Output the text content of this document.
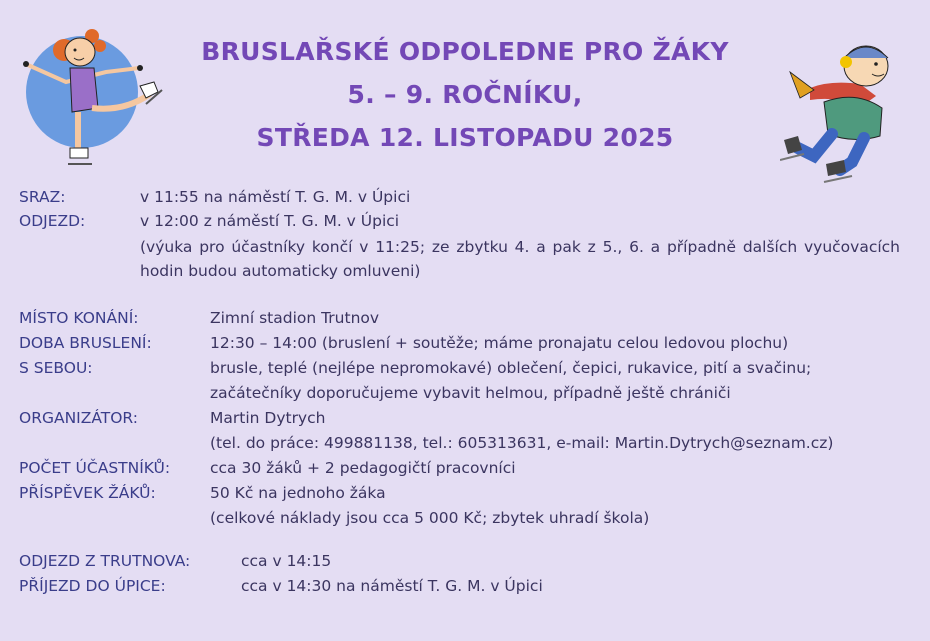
BRUSLAŘSKÉ ODPOLEDNE PRO ŽÁKY
5. – 9. ROČNÍKU,
STŘEDA 12. LISTOPADU 2025
SRAZ:	v 11:55 na náměstí T. G. M. v Úpici
ODJEZD:	v 12:00 z náměstí T. G. M. v Úpici
(výuka pro účastníky končí v 11:25; ze zbytku 4. a pak z 5., 6. a případně dalších vyučovacích hodin budou automaticky omluveni)
MÍSTO KONÁNÍ:	Zimní stadion Trutnov
DOBA BRUSLENÍ:	12:30 – 14:00 (bruslení + soutěže; máme pronajatu celou ledovou plochu)
S SEBOU:	brusle, teplé (nejlépe nepromokavé) oblečení, čepici, rukavice, pití a svačinu;
začátečníky doporučujeme vybavit helmou, případně ještě chrániči
ORGANIZÁTOR:	Martin Dytrych
(tel. do práce: 499881138, tel.: 605313631, e-mail: Martin.Dytrych@seznam.cz)
POČET ÚČASTNÍKŮ:	cca 30 žáků + 2 pedagogičtí pracovníci
PŘÍSPĚVEK ŽÁKŮ:	50 Kč na jednoho žáka
(celkové náklady jsou cca 5 000 Kč; zbytek uhradí škola)
ODJEZD Z TRUTNOVA:	cca v 14:15
PŘÍJEZD DO ÚPICE:	cca v 14:30 na náměstí T. G. M. v Úpici
